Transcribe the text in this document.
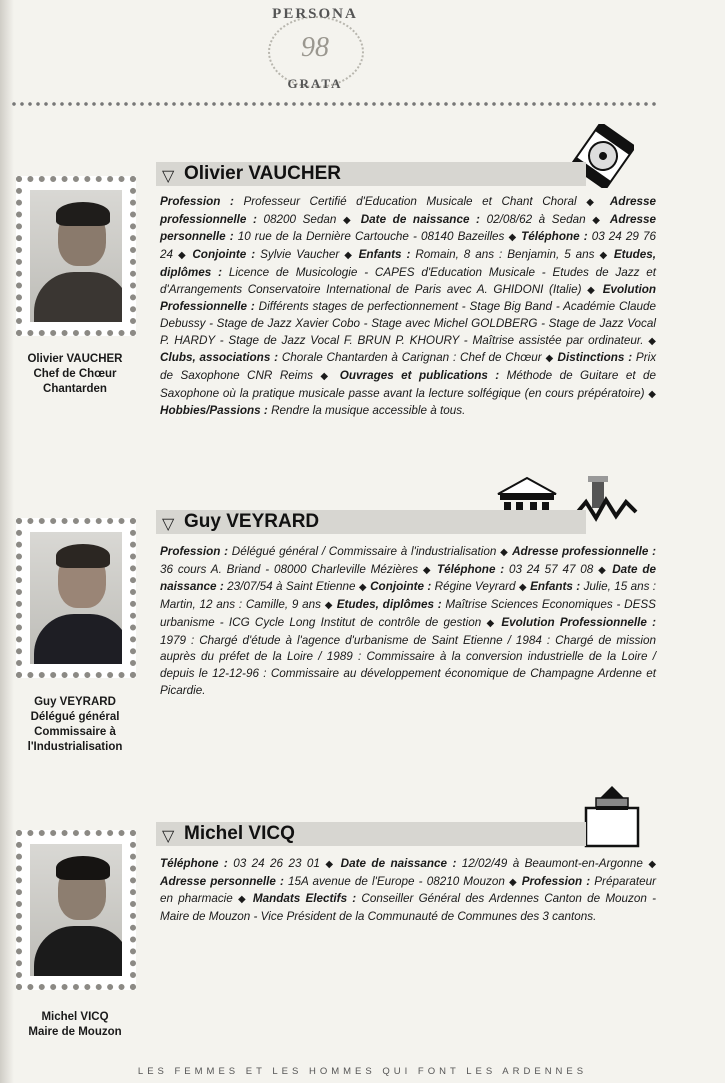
PERSONA
98
GRATA
▽ Olivier VAUCHER
Olivier VAUCHER
Chef de Chœur
Chantarden
Profession : Professeur Certifié d'Education Musicale et Chant Choral ◆ Adresse professionnelle : 08200 Sedan ◆ Date de naissance : 02/08/62 à Sedan ◆ Adresse personnelle : 10 rue de la Dernière Cartouche - 08140 Bazeilles ◆ Téléphone : 03 24 29 76 24 ◆ Conjointe : Sylvie Vaucher ◆ Enfants : Romain, 8 ans : Benjamin, 5 ans ◆ Etudes, diplômes : Licence de Musicologie - CAPES d'Education Musicale - Etudes de Jazz et d'Arrangements Conservatoire International de Paris avec A. GHIDONI (Italie) ◆ Evolution Professionnelle : Différents stages de perfectionnement - Stage Big Band - Académie Claude Debussy - Stage de Jazz Xavier Cobo - Stage avec Michel GOLDBERG - Stage de Jazz Vocal P. HARDY - Stage de Jazz Vocal F. BRUN P. KHOURY - Maîtrise assistée par ordinateur. ◆ Clubs, associations : Chorale Chantarden à Carignan : Chef de Chœur ◆ Distinctions : Prix de Saxophone CNR Reims ◆ Ouvrages et publications : Méthode de Guitare et de Saxophone où la pratique musicale passe avant la lecture solfégique (en cours prépératoire) ◆ Hobbies/Passions : Rendre la musique accessible à tous.
▽ Guy VEYRARD
Guy VEYRARD
Délégué général
Commissaire à
l'Industrialisation
Profession : Délégué général / Commissaire à l'industrialisation ◆ Adresse professionnelle : 36 cours A. Briand - 08000 Charleville Mézières ◆ Téléphone : 03 24 57 47 08 ◆ Date de naissance : 23/07/54 à Saint Etienne ◆ Conjointe : Régine Veyrard ◆ Enfants : Julie, 15 ans : Martin, 12 ans : Camille, 9 ans ◆ Etudes, diplômes : Maîtrise Sciences Economiques - DESS urbanisme - ICG Cycle Long Institut de contrôle de gestion ◆ Evolution Professionnelle : 1979 : Chargé d'étude à l'agence d'urbanisme de Saint Etienne / 1984 : Chargé de mission auprès du préfet de la Loire / 1989 : Commissaire à la conversion industrielle de la Loire / depuis le 12-12-96 : Commissaire au développement économique de Champagne Ardenne et Picardie.
▽ Michel VICQ
Michel VICQ
Maire de Mouzon
Téléphone : 03 24 26 23 01 ◆ Date de naissance : 12/02/49 à Beaumont-en-Argonne ◆ Adresse personnelle : 15A avenue de l'Europe - 08210 Mouzon ◆ Profession : Préparateur en pharmacie ◆ Mandats Electifs : Conseiller Général des Ardennes Canton de Mouzon - Maire de Mouzon - Vice Président de la Communauté de Communes des 3 cantons.
LES FEMMES ET LES HOMMES QUI FONT LES ARDENNES
